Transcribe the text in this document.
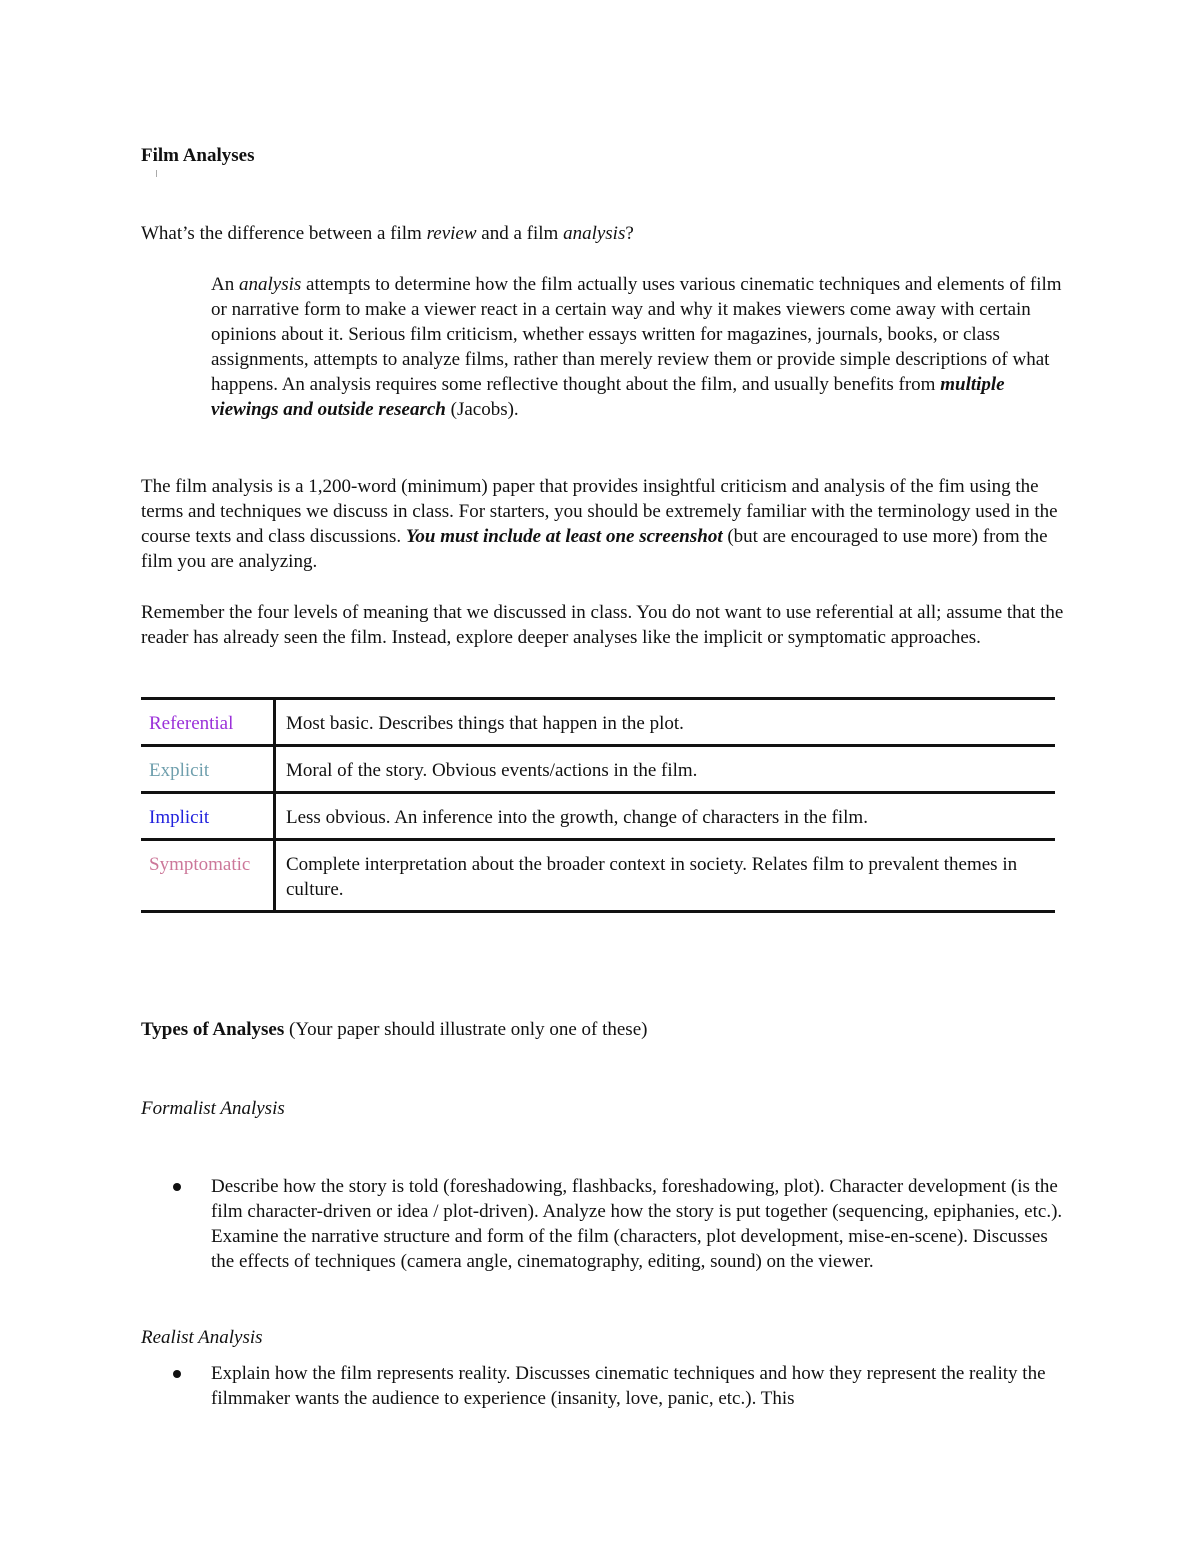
Film Analyses

What’s the difference between a film review and a film analysis?

An analysis attempts to determine how the film actually uses various cinematic techniques and elements of film or narrative form to make a viewer react in a certain way and why it makes viewers come away with certain opinions about it. Serious film criticism, whether essays written for magazines, journals, books, or class assignments, attempts to analyze films, rather than merely review them or provide simple descriptions of what happens. An analysis requires some reflective thought about the film, and usually benefits from multiple viewings and outside research (Jacobs).

The film analysis is a 1,200-word (minimum) paper that provides insightful criticism and analysis of the fim using the terms and techniques we discuss in class. For starters, you should be extremely familiar with the terminology used in the course texts and class discussions. You must include at least one screenshot (but are encouraged to use more) from the film you are analyzing.

Remember the four levels of meaning that we discussed in class. You do not want to use referential at all; assume that the reader has already seen the film. Instead, explore deeper analyses like the implicit or symptomatic approaches.

Referential	Most basic. Describes things that happen in the plot.
Explicit	Moral of the story. Obvious events/actions in the film.
Implicit	Less obvious. An inference into the growth, change of characters in the film.
Symptomatic	Complete interpretation about the broader context in society. Relates film to prevalent themes in culture.

Types of Analyses (Your paper should illustrate only one of these)

Formalist Analysis
Describe how the story is told (foreshadowing, flashbacks, foreshadowing, plot). Character development (is the film character-driven or idea / plot-driven). Analyze how the story is put together (sequencing, epiphanies, etc.). Examine the narrative structure and form of the film (characters, plot development, mise-en-scene). Discusses the effects of techniques (camera angle, cinematography, editing, sound) on the viewer.
Realist Analysis
Explain how the film represents reality. Discusses cinematic techniques and how they represent the reality the filmmaker wants the audience to experience (insanity, love, panic, etc.). This
